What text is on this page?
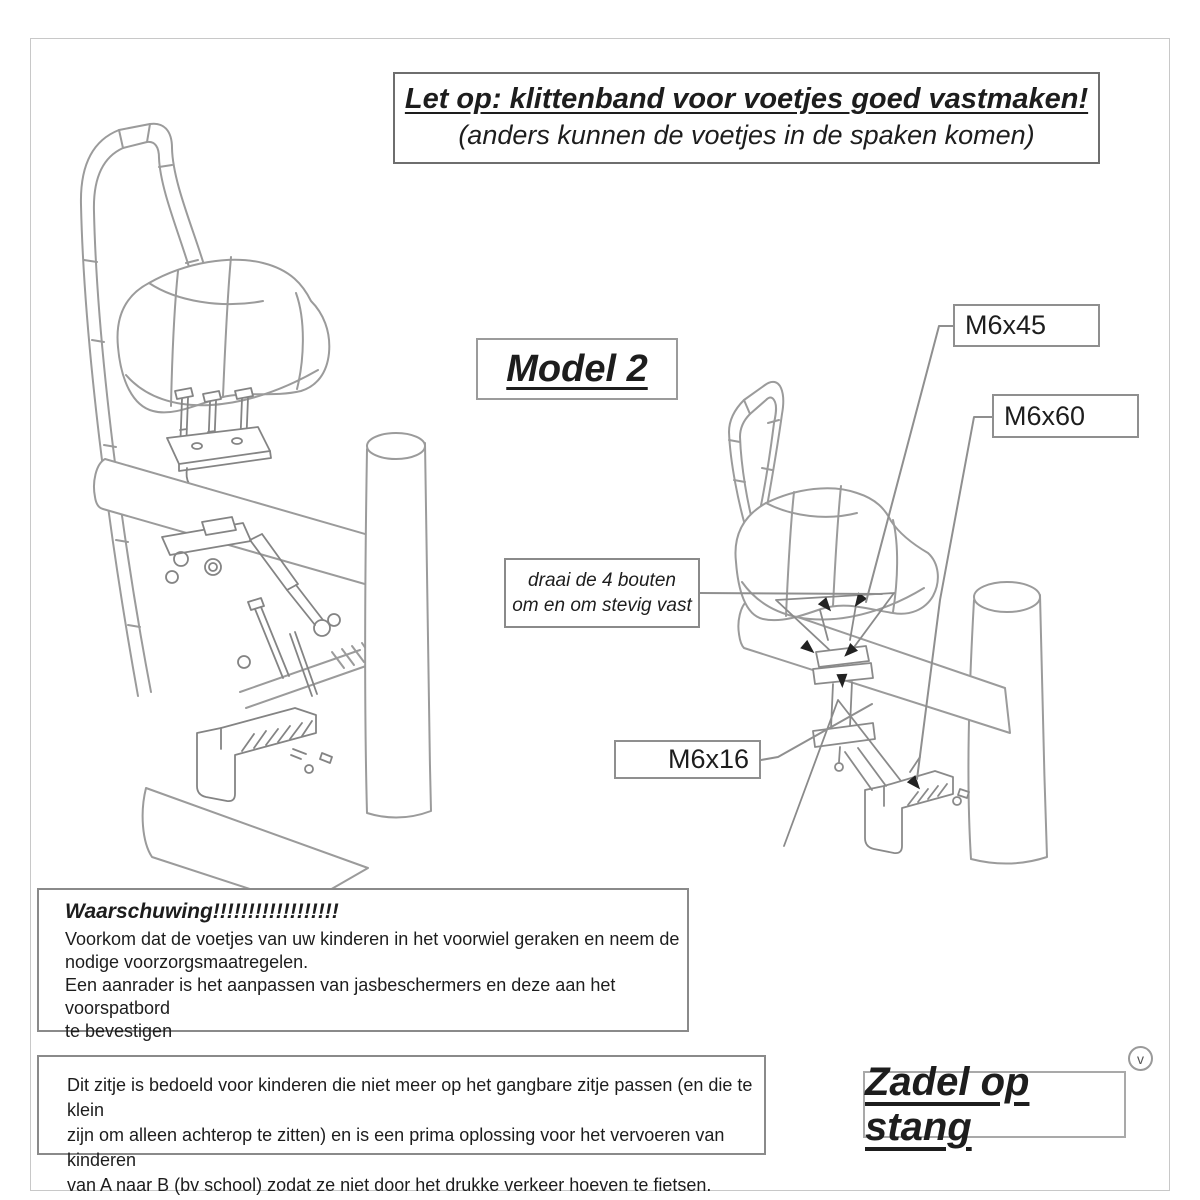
Let op: klittenband voor voetjes goed vastmaken!
(anders kunnen de voetjes in de spaken komen)
Model 2
M6x45
M6x60
M6x16
draai de 4 bouten
om en om stevig vast
Waarschuwing!!!!!!!!!!!!!!!!!!
Voorkom dat de voetjes van uw kinderen in het voorwiel geraken en neem de
nodige voorzorgsmaatregelen.
Een aanrader is het aanpassen van jasbeschermers en deze aan het voorspatbord
te bevestigen
Dit zitje is bedoeld voor kinderen die niet meer op het gangbare zitje passen (en die te klein
zijn om alleen achterop te zitten) en is een prima oplossing voor het vervoeren van kinderen
van A naar B (bv school) zodat ze niet door het drukke verkeer hoeven te fietsen.
Zadel op stang
v
